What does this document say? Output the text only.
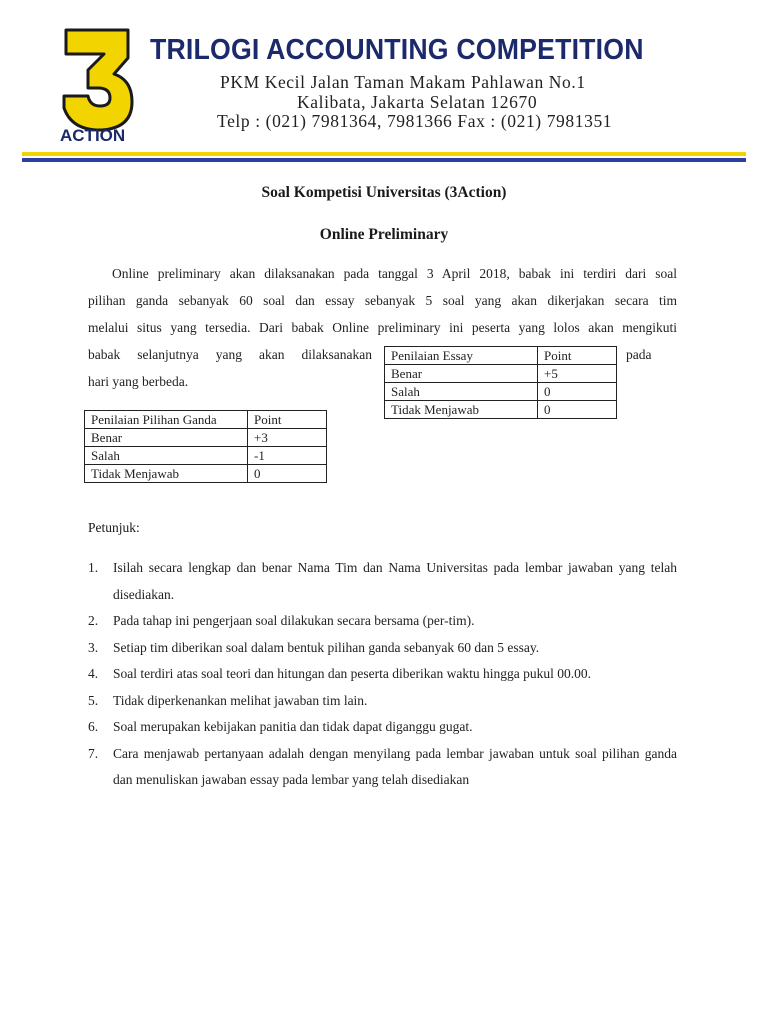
ACTION
TRILOGI ACCOUNTING COMPETITION
PKM Kecil Jalan Taman Makam Pahlawan No.1
Kalibata, Jakarta Selatan 12670
Telp : (021) 7981364, 7981366 Fax : (021) 7981351
Soal Kompetisi Universitas (3Action)
Online Preliminary
Online preliminary akan dilaksanakan pada tanggal 3 April 2018, babak ini terdiri dari soal
pilihan ganda sebanyak 60 soal dan essay sebanyak 5 soal yang akan dikerjakan secara tim
melalui situs yang tersedia. Dari babak Online preliminary ini peserta yang lolos akan mengikuti
babak selanjutnya yang akan dilaksanakan	pada
hari yang berbeda.
Penilaian Essay	Point
Benar	+5
Salah	0
Tidak Menjawab	0
Penilaian Pilihan Ganda	Point
Benar	+3
Salah	-1
Tidak Menjawab	0
Petunjuk:
1. Isilah secara lengkap dan benar Nama Tim dan Nama Universitas pada lembar jawaban yang telah disediakan.
2. Pada tahap ini pengerjaan soal dilakukan secara bersama (per-tim).
3. Setiap tim diberikan soal dalam bentuk pilihan ganda sebanyak 60 dan 5 essay.
4. Soal terdiri atas soal teori dan hitungan dan peserta diberikan waktu hingga pukul 00.00.
5. Tidak diperkenankan melihat jawaban tim lain.
6. Soal merupakan kebijakan panitia dan tidak dapat diganggu gugat.
7. Cara menjawab pertanyaan adalah dengan menyilang pada lembar jawaban untuk soal pilihan ganda dan menuliskan jawaban essay pada lembar yang telah disediakan
